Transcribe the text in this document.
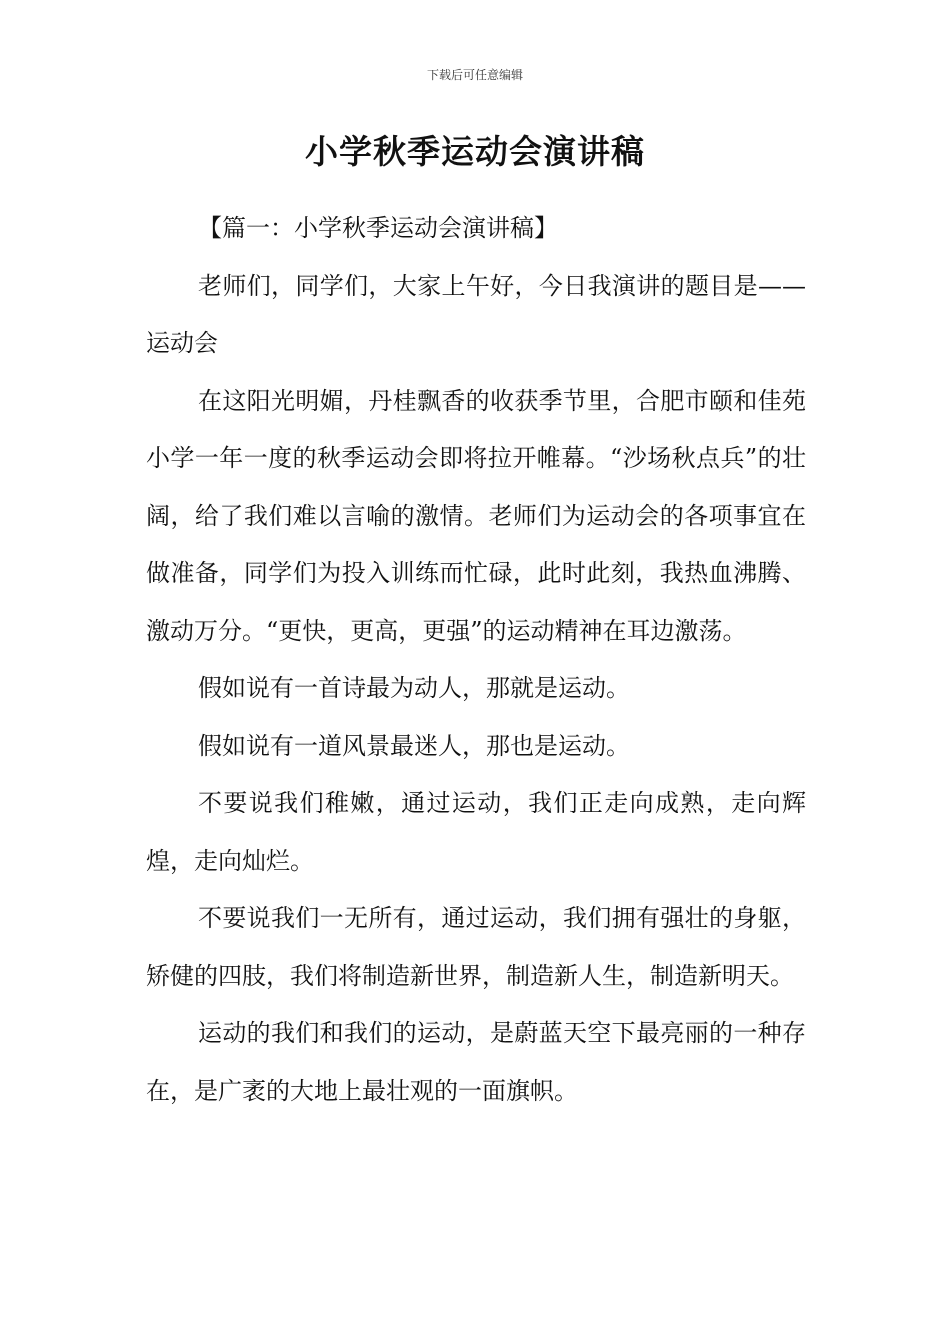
下载后可任意编辑
小学秋季运动会演讲稿

【篇一：小学秋季运动会演讲稿】

老师们，同学们，大家上午好，今日我演讲的题目是——运动会

在这阳光明媚，丹桂飘香的收获季节里，合肥市颐和佳苑小学一年一度的秋季运动会即将拉开帷幕。“沙场秋点兵”的壮阔，给了我们难以言喻的激情。老师们为运动会的各项事宜在做准备，同学们为投入训练而忙碌，此时此刻，我热血沸腾、激动万分。“更快，更高，更强”的运动精神在耳边激荡。

假如说有一首诗最为动人，那就是运动。

假如说有一道风景最迷人，那也是运动。

不要说我们稚嫩，通过运动，我们正走向成熟，走向辉煌，走向灿烂。

不要说我们一无所有，通过运动，我们拥有强壮的身躯，矫健的四肢，我们将制造新世界，制造新人生，制造新明天。

运动的我们和我们的运动，是蔚蓝天空下最亮丽的一种存在，是广袤的大地上最壮观的一面旗帜。
